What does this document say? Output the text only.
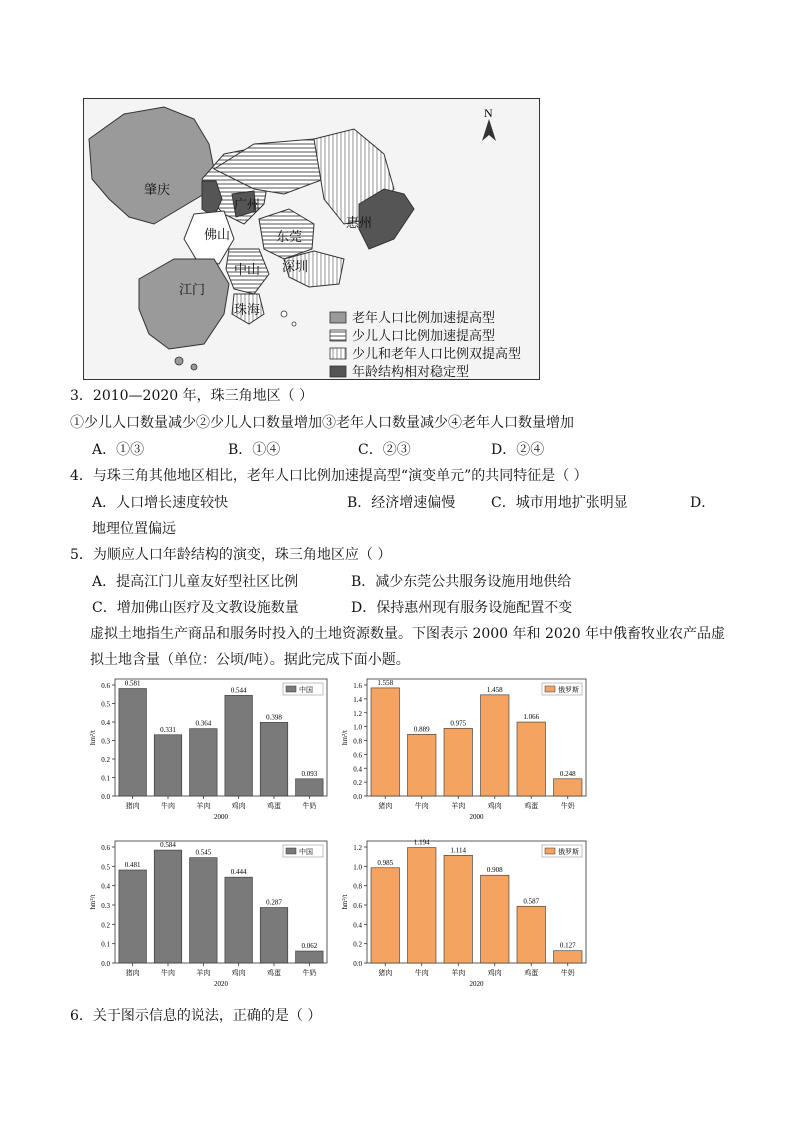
N
肇庆
广州
佛山
惠州
东莞
中山 深圳
江门
珠海
老年人口比例加速提高型
少儿人口比例加速提高型
少儿和老年人口比例双提高型
年龄结构相对稳定型
3．2010—2020 年，珠三角地区（ ）
①少儿人口数量减少②少儿人口数量增加③老年人口数量减少④老年人口数量增加
A．①③	B．①④	C．②③	D．②④
4．与珠三角其他地区相比，老年人口比例加速提高型“演变单元”的共同特征是（ ）
A．人口增长速度较快	B．经济增速偏慢	C．城市用地扩张明显	D．
地理位置偏远
5．为顺应人口年龄结构的演变，珠三角地区应（ ）
A．提高江门儿童友好型社区比例	B．减少东莞公共服务设施用地供给
C．增加佛山医疗及文教设施数量	D．保持惠州现有服务设施配置不变
虚拟土地指生产商品和服务时投入的土地资源数量。下图表示 2000 年和 2020 年中俄畜牧业农产品虚
拟土地含量（单位：公顷/吨）。据此完成下面小题。
0.0
0.1
0.2
0.3
0.4
0.5
0.6
hm²/t
0.581
猪肉
0.331
牛肉
0.364
羊肉
0.544
鸡肉
0.398
鸡蛋
0.093
牛奶
2000
中国
0.0
0.2
0.4
0.6
0.8
1.0
1.2
1.4
1.6
hm²/t
1.558
猪肉
0.889
牛肉
0.975
羊肉
1.458
鸡肉
1.066
鸡蛋
0.248
牛奶
2000
俄罗斯
0.0
0.1
0.2
0.3
0.4
0.5
0.6
hm²/t
0.481
猪肉
0.584
牛肉
0.545
羊肉
0.444
鸡肉
0.287
鸡蛋
0.062
牛奶
2020
中国
0.0
0.2
0.4
0.6
0.8
1.0
1.2
hm²/t
0.985
猪肉
1.194
牛肉
1.114
羊肉
0.908
鸡肉
0.587
鸡蛋
0.127
牛奶
2020
俄罗斯
6．关于图示信息的说法，正确的是（ ）
